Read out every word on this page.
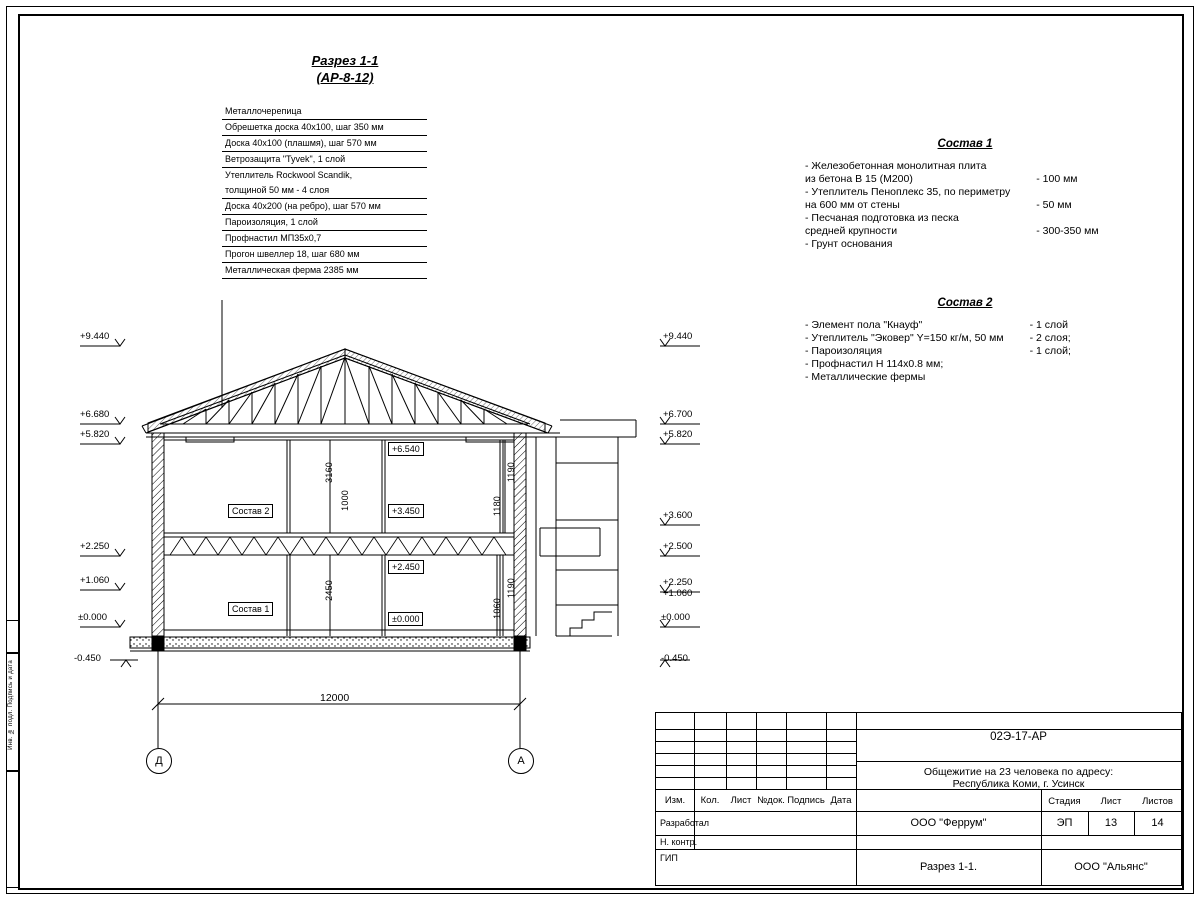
Инв. № подл. Подпись и дата
Разрез 1-1
(АР-8-12)
Металлочерепица
Обрешетка доска 40х100, шаг 350 мм
Доска 40х100 (плашмя), шаг 570 мм
Ветрозащита "Tyvek", 1 слой
Утеплитель Rockwool Scandik,
толщиной 50 мм - 4 слоя
Доска 40х200 (на ребро), шаг 570 мм
Пароизоляция, 1 слой
Профнастил МП35х0,7
Прогон швеллер 18, шаг 680 мм
Металлическая ферма 2385 мм
Состав 1
- Железобетонная монолитная плита	
из бетона В 15 (М200)	- 100 мм
- Утеплитель Пеноплекс 35, по периметру	
на 600 мм от стены	- 50 мм
- Песчаная подготовка из песка	
средней крупности	- 300-350 мм
- Грунт основания	
Состав 2
- Элемент пола "Кнауф"	- 1 слой
- Утеплитель "Эковер" Y=150 кг/м, 50 мм	- 2 слоя;
- Пароизоляция	- 1 слой;
- Профнастил Н 114х0.8 мм;	
- Металлические фермы	
+9.440
+6.680
+5.820
+2.250
+1.060
±0.000
-0.450
+9.440
+6.700
+5.820
+3.600
+2.500
+2.250
+1.060
±0.000
-0.450
+6.540
+3.450
+2.450
±0.000
3160
1000
2450
1190
1180
1190
1060
Состав 2
Состав 1
12000
Д	А
Изм.	Кол.	Лист №док. Подпись Дата
Разработал
Н. контр.
ГИП
02Э-17-АР
Общежитие на 23 человека по адресу:
Республика Коми, г. Усинск
ООО "Феррум"
Стадия	Лист	Листов
ЭП	13	14
Разрез 1-1.	ООО "Альянс"
